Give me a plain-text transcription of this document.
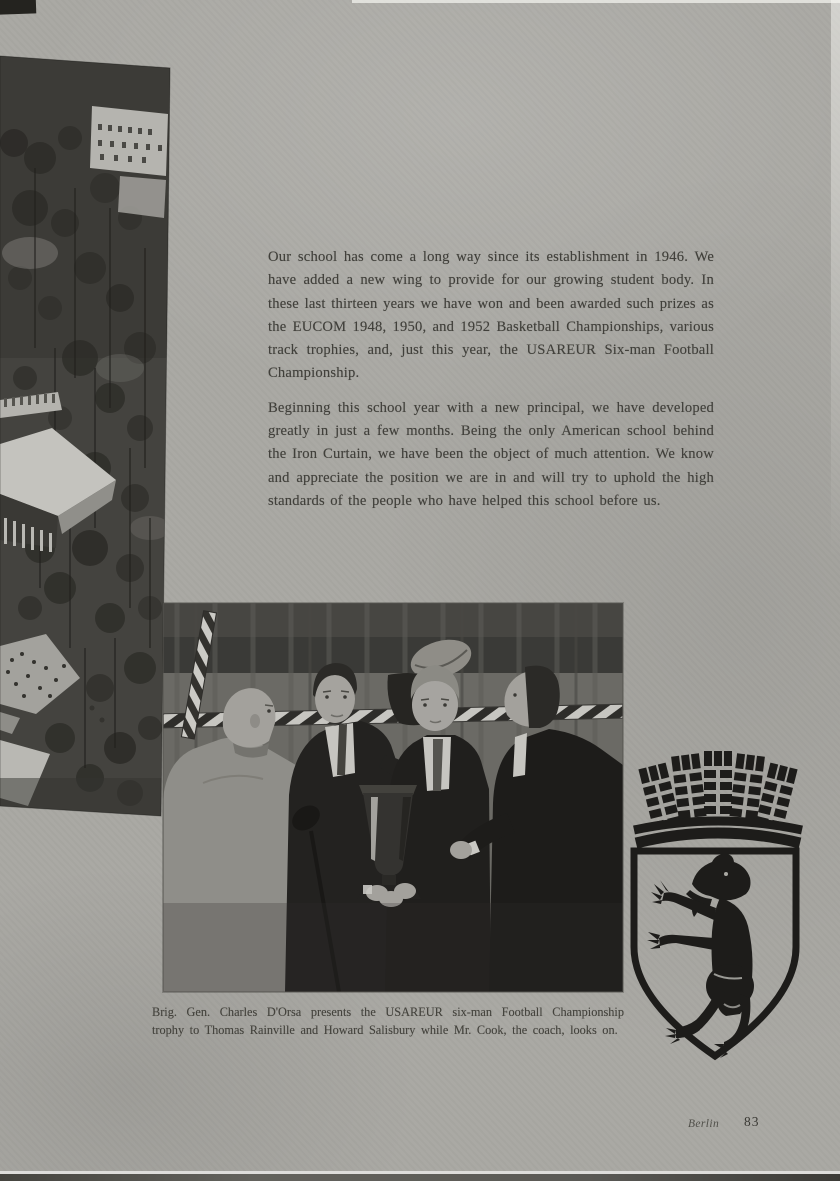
Our school has come a long way since its establishment in 1946. We have added a new wing to provide for our growing student body. In these last thirteen years we have won and been awarded such prizes as the EUCOM 1948, 1950, and 1952 Basketball Championships, various track trophies, and, just this year, the USAREUR Six-man Football Championship.

Beginning this school year with a new principal, we have developed greatly in just a few months. Being the only American school behind the Iron Curtain, we have been the object of much attention. We know and appreciate the position we are in and will try to uphold the high standards of the people who have helped this school before us.

Brig. Gen. Charles D'Orsa presents the USAREUR six-man Football Championship trophy to Thomas Rainville and Howard Salisbury while Mr. Cook, the coach, looks on.

Berlin 83
